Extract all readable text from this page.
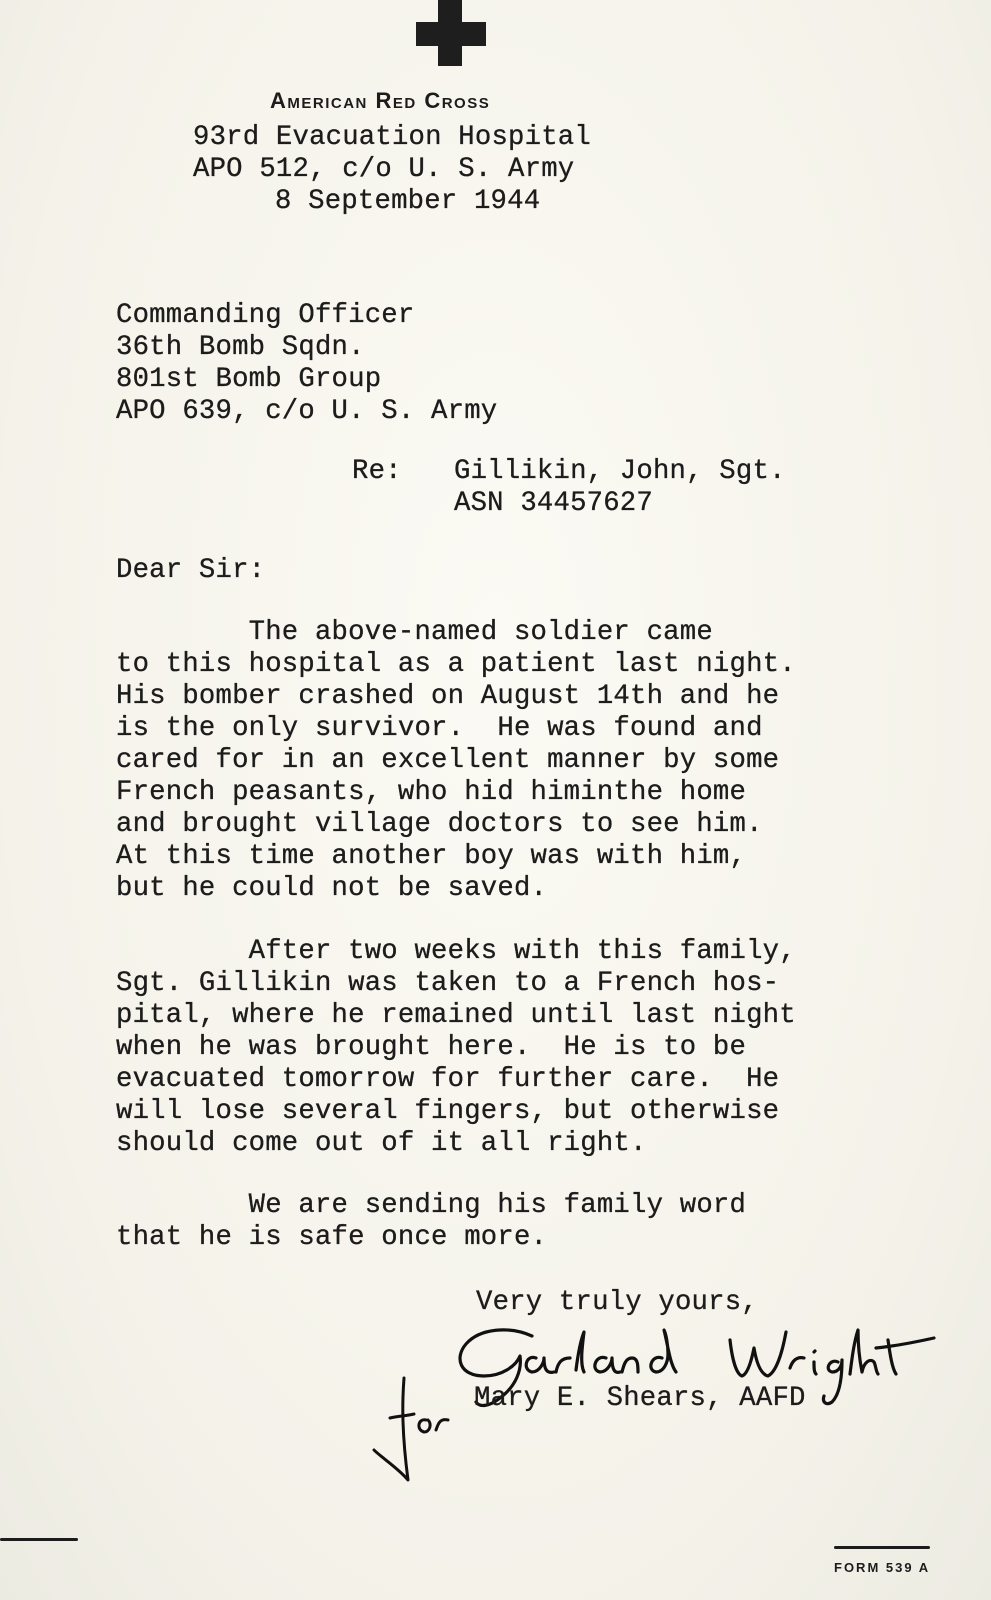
American Red Cross

93rd Evacuation Hospital

APO 512, c/o U. S. Army

8 September 1944

Commanding Officer

36th Bomb Sqdn.

801st Bomb Group

APO 639, c/o U. S. Army

Re: Gillikin, John, Sgt.

ASN 34457627

Dear Sir:

The above-named soldier came

to this hospital as a patient last night.

His bomber crashed on August 14th and he

is the only survivor.  He was found and

cared for in an excellent manner by some

French peasants, who hid himinthe home

and brought village doctors to see him.

At this time another boy was with him,

but he could not be saved.

After two weeks with this family,

Sgt. Gillikin was taken to a French hos-

pital, where he remained until last night

when he was brought here.  He is to be

evacuated tomorrow for further care.  He

will lose several fingers, but otherwise

should come out of it all right.

We are sending his family word

that he is safe once more.

Very truly yours,

Mary E. Shears, AAFD

FORM 539 A
